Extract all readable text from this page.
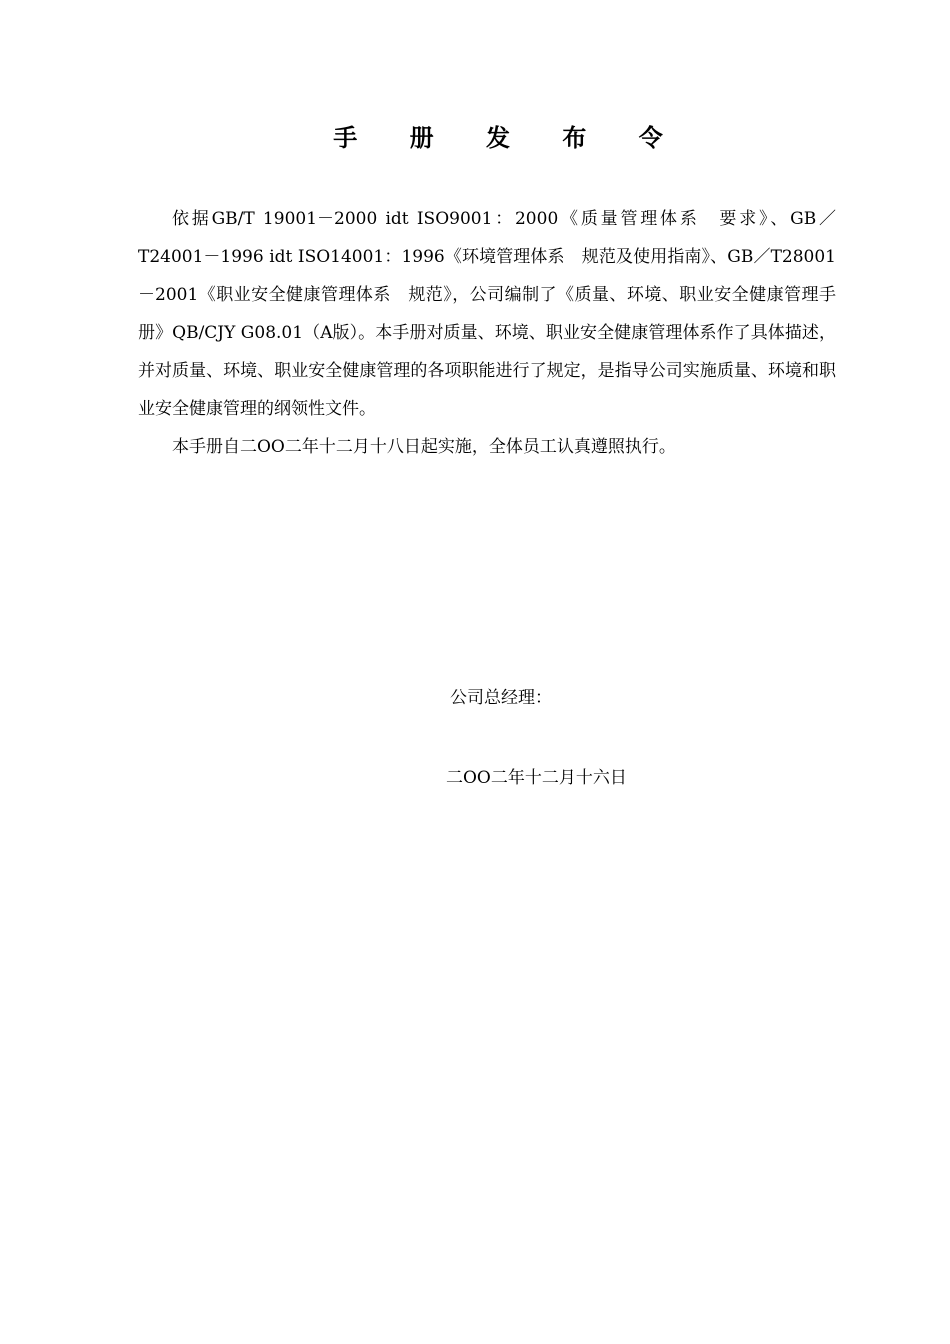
手 册 发 布 令

依据GB/T 19001－2000 idt ISO9001：2000《质量管理体系　要求》、GB／T24001－1996 idt ISO14001：1996《环境管理体系　规范及使用指南》、GB／T28001－2001《职业安全健康管理体系　规范》，公司编制了《质量、环境、职业安全健康管理手册》QB/CJY G08.01（A版）。本手册对质量、环境、职业安全健康管理体系作了具体描述，并对质量、环境、职业安全健康管理的各项职能进行了规定，是指导公司实施质量、环境和职业安全健康管理的纲领性文件。

本手册自二OO二年十二月十八日起实施，全体员工认真遵照执行。

公司总经理：
二OO二年十二月十六日
